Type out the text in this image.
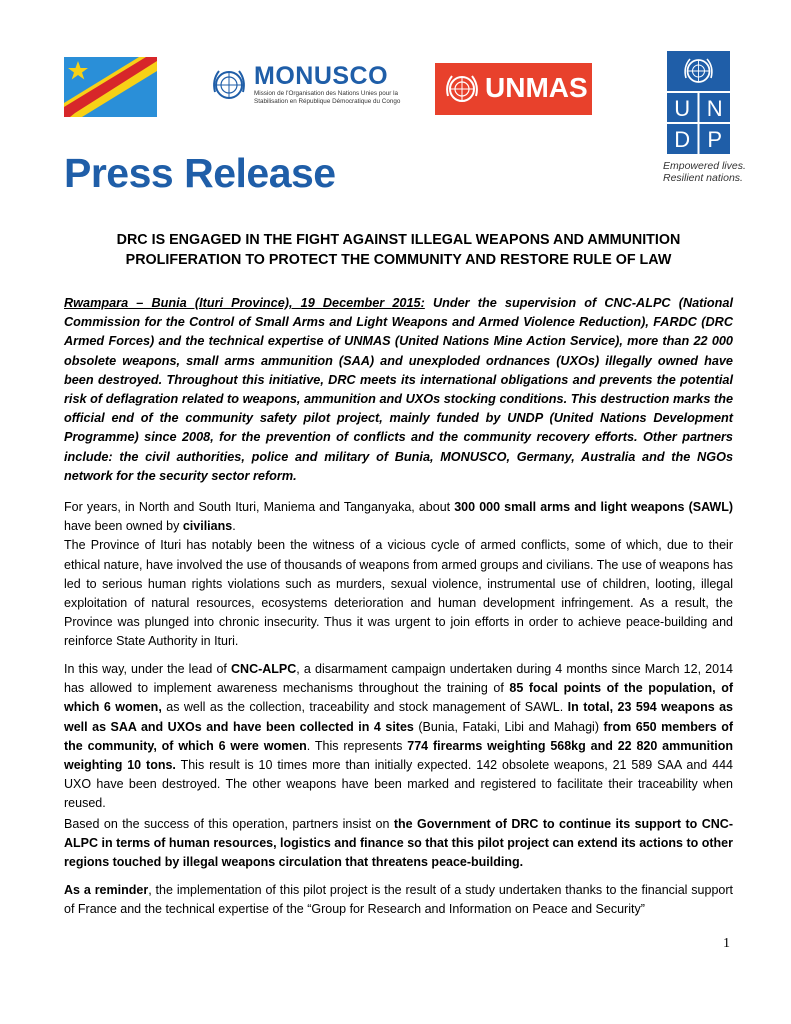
MONUSCO
Mission de l'Organisation des Nations Unies pour la Stabilisation en République Démocratique du Congo	UNMAS
U N
D P
Empowered lives.
Resilient nations.
Press Release
DRC IS ENGAGED IN THE FIGHT AGAINST ILLEGAL WEAPONS AND AMMUNITION
PROLIFERATION TO PROTECT THE COMMUNITY AND RESTORE RULE OF LAW

Rwampara – Bunia (Ituri Province), 19 December 2015: Under the supervision of CNC-ALPC (National Commission for the Control of Small Arms and Light Weapons and Armed Violence Reduction), FARDC (DRC Armed Forces) and the technical expertise of UNMAS (United Nations Mine Action Service), more than 22 000 obsolete weapons, small arms ammunition (SAA) and unexploded ordnances (UXOs) illegally owned have been destroyed. Throughout this initiative, DRC meets its international obligations and prevents the potential risk of deflagration related to weapons, ammunition and UXOs stocking conditions. This destruction marks the official end of the community safety pilot project, mainly funded by UNDP (United Nations Development Programme) since 2008, for the prevention of conflicts and the community recovery efforts. Other partners include: the civil authorities, police and military of Bunia, MONUSCO, Germany, Australia and the NGOs network for the security sector reform.

For years, in North and South Ituri, Maniema and Tanganyaka, about 300 000 small arms and light weapons (SAWL) have been owned by civilians.
The Province of Ituri has notably been the witness of a vicious cycle of armed conflicts, some of which, due to their ethical nature, have involved the use of thousands of weapons from armed groups and civilians. The use of weapons has led to serious human rights violations such as murders, sexual violence, instrumental use of children, looting, illegal exploitation of natural resources, ecosystems deterioration and human development infringement. As a result, the Province was plunged into chronic insecurity. Thus it was urgent to join efforts in order to achieve peace-building and reinforce State Authority in Ituri.

In this way, under the lead of CNC-ALPC, a disarmament campaign undertaken during 4 months since March 12, 2014 has allowed to implement awareness mechanisms throughout the training of 85 focal points of the population, of which 6 women, as well as the collection, traceability and stock management of SAWL. In total, 23 594 weapons as well as SAA and UXOs and have been collected in 4 sites (Bunia, Fataki, Libi and Mahagi) from 650 members of the community, of which 6 were women. This represents 774 firearms weighting 568kg and 22 820 ammunition weighting 10 tons. This result is 10 times more than initially expected. 142 obsolete weapons, 21 589 SAA and 444 UXO have been destroyed. The other weapons have been marked and registered to facilitate their traceability when reused.

Based on the success of this operation, partners insist on the Government of DRC to continue its support to CNC-ALPC in terms of human resources, logistics and finance so that this pilot project can extend its actions to other regions touched by illegal weapons circulation that threatens peace-building.

As a reminder, the implementation of this pilot project is the result of a study undertaken thanks to the financial support of France and the technical expertise of the “Group for Research and Information on Peace and Security”

1
